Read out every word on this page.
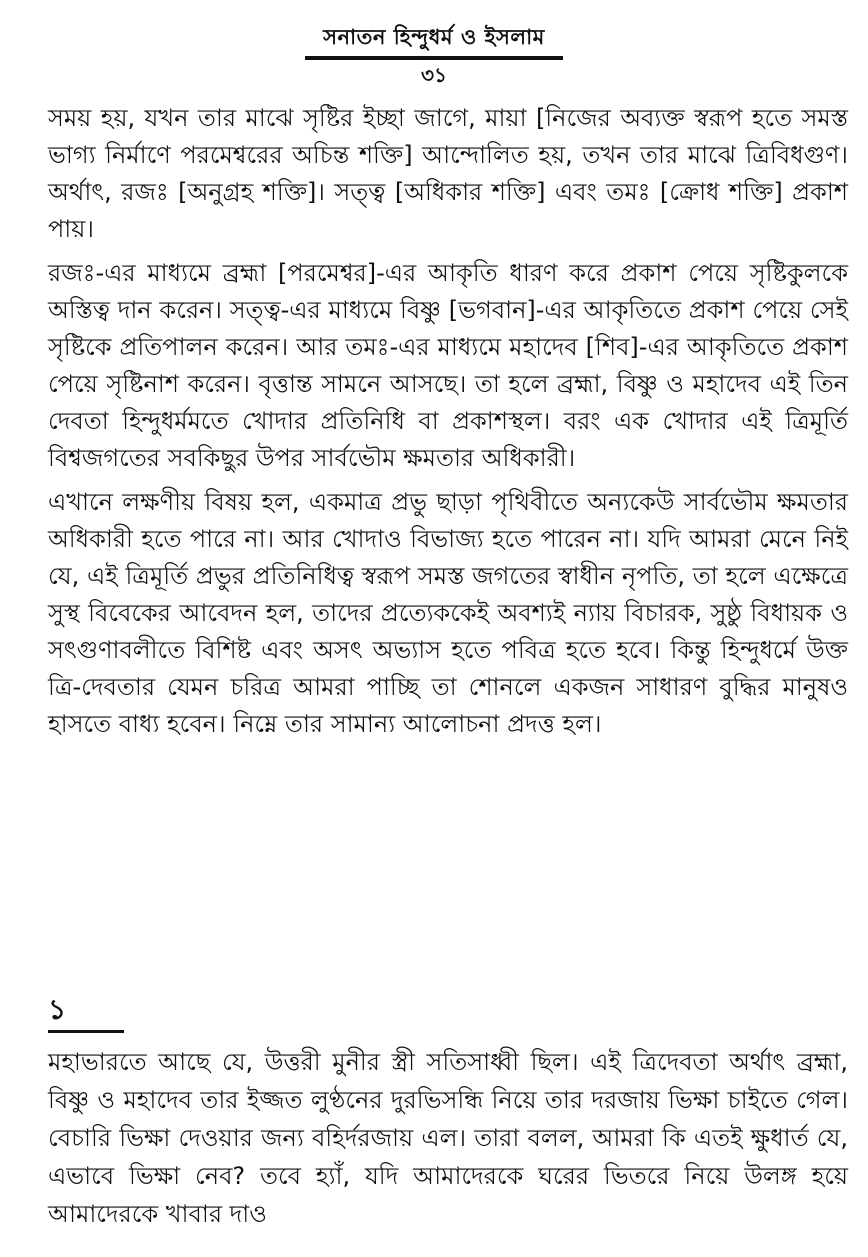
সনাতন হিন্দুধর্ম ও ইসলাম
৩১

সময় হয়, যখন তার মাঝে সৃষ্টির ইচ্ছা জাগে, মায়া [নিজের অব্যক্ত স্বরূপ হতে সমস্ত ভাগ্য নির্মাণে পরমেশ্বরের অচিন্ত শক্তি] আন্দোলিত হয়, তখন তার মাঝে ত্রিবিধগুণ। অর্থাৎ, রজঃ [অনুগ্রহ শক্তি]। সত্ত্ব [অধিকার শক্তি] এবং তমঃ [ক্রোধ শক্তি] প্রকাশ পায়।

রজঃ-এর মাধ্যমে ব্রহ্মা [পরমেশ্বর]-এর আকৃতি ধারণ করে প্রকাশ পেয়ে সৃষ্টিকুলকে অস্তিত্ব দান করেন। সত্ত্ব-এর মাধ্যমে বিষ্ণু [ভগবান]-এর আকৃতিতে প্রকাশ পেয়ে সেই সৃষ্টিকে প্রতিপালন করেন। আর তমঃ-এর মাধ্যমে মহাদেব [শিব]-এর আকৃতিতে প্রকাশ পেয়ে সৃষ্টিনাশ করেন। বৃত্তান্ত সামনে আসছে। তা হলে ব্রহ্মা, বিষ্ণু ও মহাদেব এই তিন দেবতা হিন্দুধর্মমতে খোদার প্রতিনিধি বা প্রকাশস্থল। বরং এক খোদার এই ত্রিমূর্তি বিশ্বজগতের সবকিছুর উপর সার্বভৌম ক্ষমতার অধিকারী।

এখানে লক্ষণীয় বিষয় হল, একমাত্র প্রভু ছাড়া পৃথিবীতে অন্যকেউ সার্বভৌম ক্ষমতার অধিকারী হতে পারে না। আর খোদাও বিভাজ্য হতে পারেন না। যদি আমরা মেনে নিই যে, এই ত্রিমূর্তি প্রভুর প্রতিনিধিত্ব স্বরূপ সমস্ত জগতের স্বাধীন নৃপতি, তা হলে এক্ষেত্রে সুস্থ বিবেকের আবেদন হল, তাদের প্রত্যেককেই অবশ্যই ন্যায় বিচারক, সুষ্ঠু বিধায়ক ও সৎগুণাবলীতে বিশিষ্ট এবং অসৎ অভ্যাস হতে পবিত্র হতে হবে। কিন্তু হিন্দুধর্মে উক্ত ত্রি-দেবতার যেমন চরিত্র আমরা পাচ্ছি তা শোনলে একজন সাধারণ বুদ্ধির মানুষও হাসতে বাধ্য হবেন। নিম্নে তার সামান্য আলোচনা প্রদত্ত হল।

১

মহাভারতে আছে যে, উত্তরী মুনীর স্ত্রী সতিসাধ্বী ছিল। এই ত্রিদেবতা অর্থাৎ ব্রহ্মা, বিষ্ণু ও মহাদেব তার ইজ্জত লুণ্ঠনের দুরভিসন্ধি নিয়ে তার দরজায় ভিক্ষা চাইতে গেল। বেচারি ভিক্ষা দেওয়ার জন্য বহির্দরজায় এল। তারা বলল, আমরা কি এতই ক্ষুধার্ত যে, এভাবে ভিক্ষা নেব? তবে হ্যাঁ, যদি আমাদেরকে ঘরের ভিতরে নিয়ে উলঙ্গ হয়ে আমাদেরকে খাবার দাও
